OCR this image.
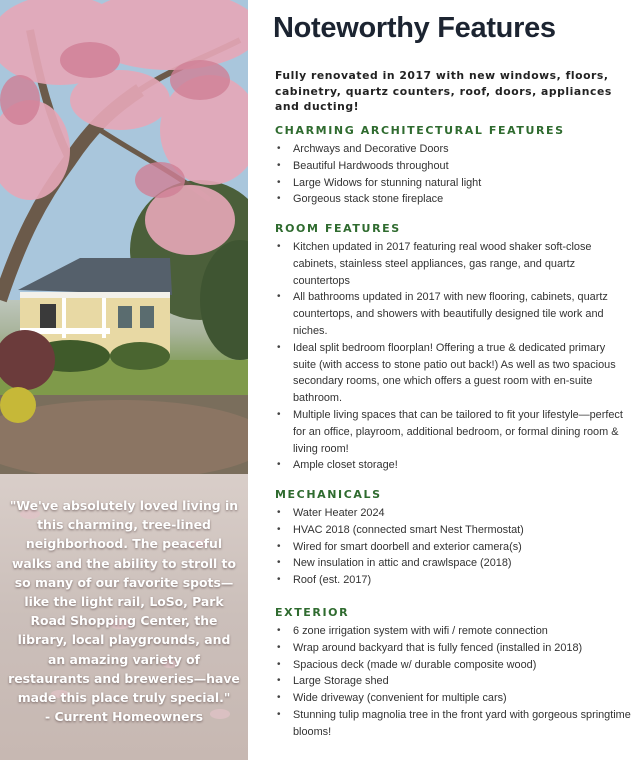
"We've absolutely loved living in this charming, tree-lined neighborhood. The peaceful walks and the ability to stroll to so many of our favorite spots—like the light rail, LoSo, Park Road Shopping Center, the library, local playgrounds, and an amazing variety of restaurants and breweries—have made this place truly special."
- Current Homeowners
Noteworthy Features

Fully renovated in 2017 with new windows, floors, cabinetry, quartz counters, roof, doors, appliances and ducting!

CHARMING ARCHITECTURAL FEATURES
• Archways and Decorative Doors
• Beautiful Hardwoods throughout
• Large Widows for stunning natural light
• Gorgeous stack stone fireplace
ROOM FEATURES
• Kitchen updated in 2017 featuring real wood shaker soft-close cabinets, stainless steel appliances, gas range, and quartz countertops
• All bathrooms updated in 2017 with new flooring, cabinets, quartz countertops, and showers with beautifully designed tile work and niches.
• Ideal split bedroom floorplan! Offering a true & dedicated primary suite (with access to stone patio out back!) As well as two spacious secondary rooms, one which offers a guest room with en-suite bathroom.
• Multiple living spaces that can be tailored to fit your lifestyle—perfect for an office, playroom, additional bedroom, or formal dining room & living room!
• Ample closet storage!
MECHANICALS
• Water Heater 2024
• HVAC 2018 (connected smart Nest Thermostat)
• Wired for smart doorbell and exterior camera(s)
• New insulation in attic and crawlspace (2018)
• Roof (est. 2017)
EXTERIOR
• 6 zone irrigation system with wifi / remote connection
• Wrap around backyard that is fully fenced (installed in 2018)
• Spacious deck (made w/ durable composite wood)
• Large Storage shed
• Wide driveway (convenient for multiple cars)
• Stunning tulip magnolia tree in the front yard with gorgeous springtime blooms!
